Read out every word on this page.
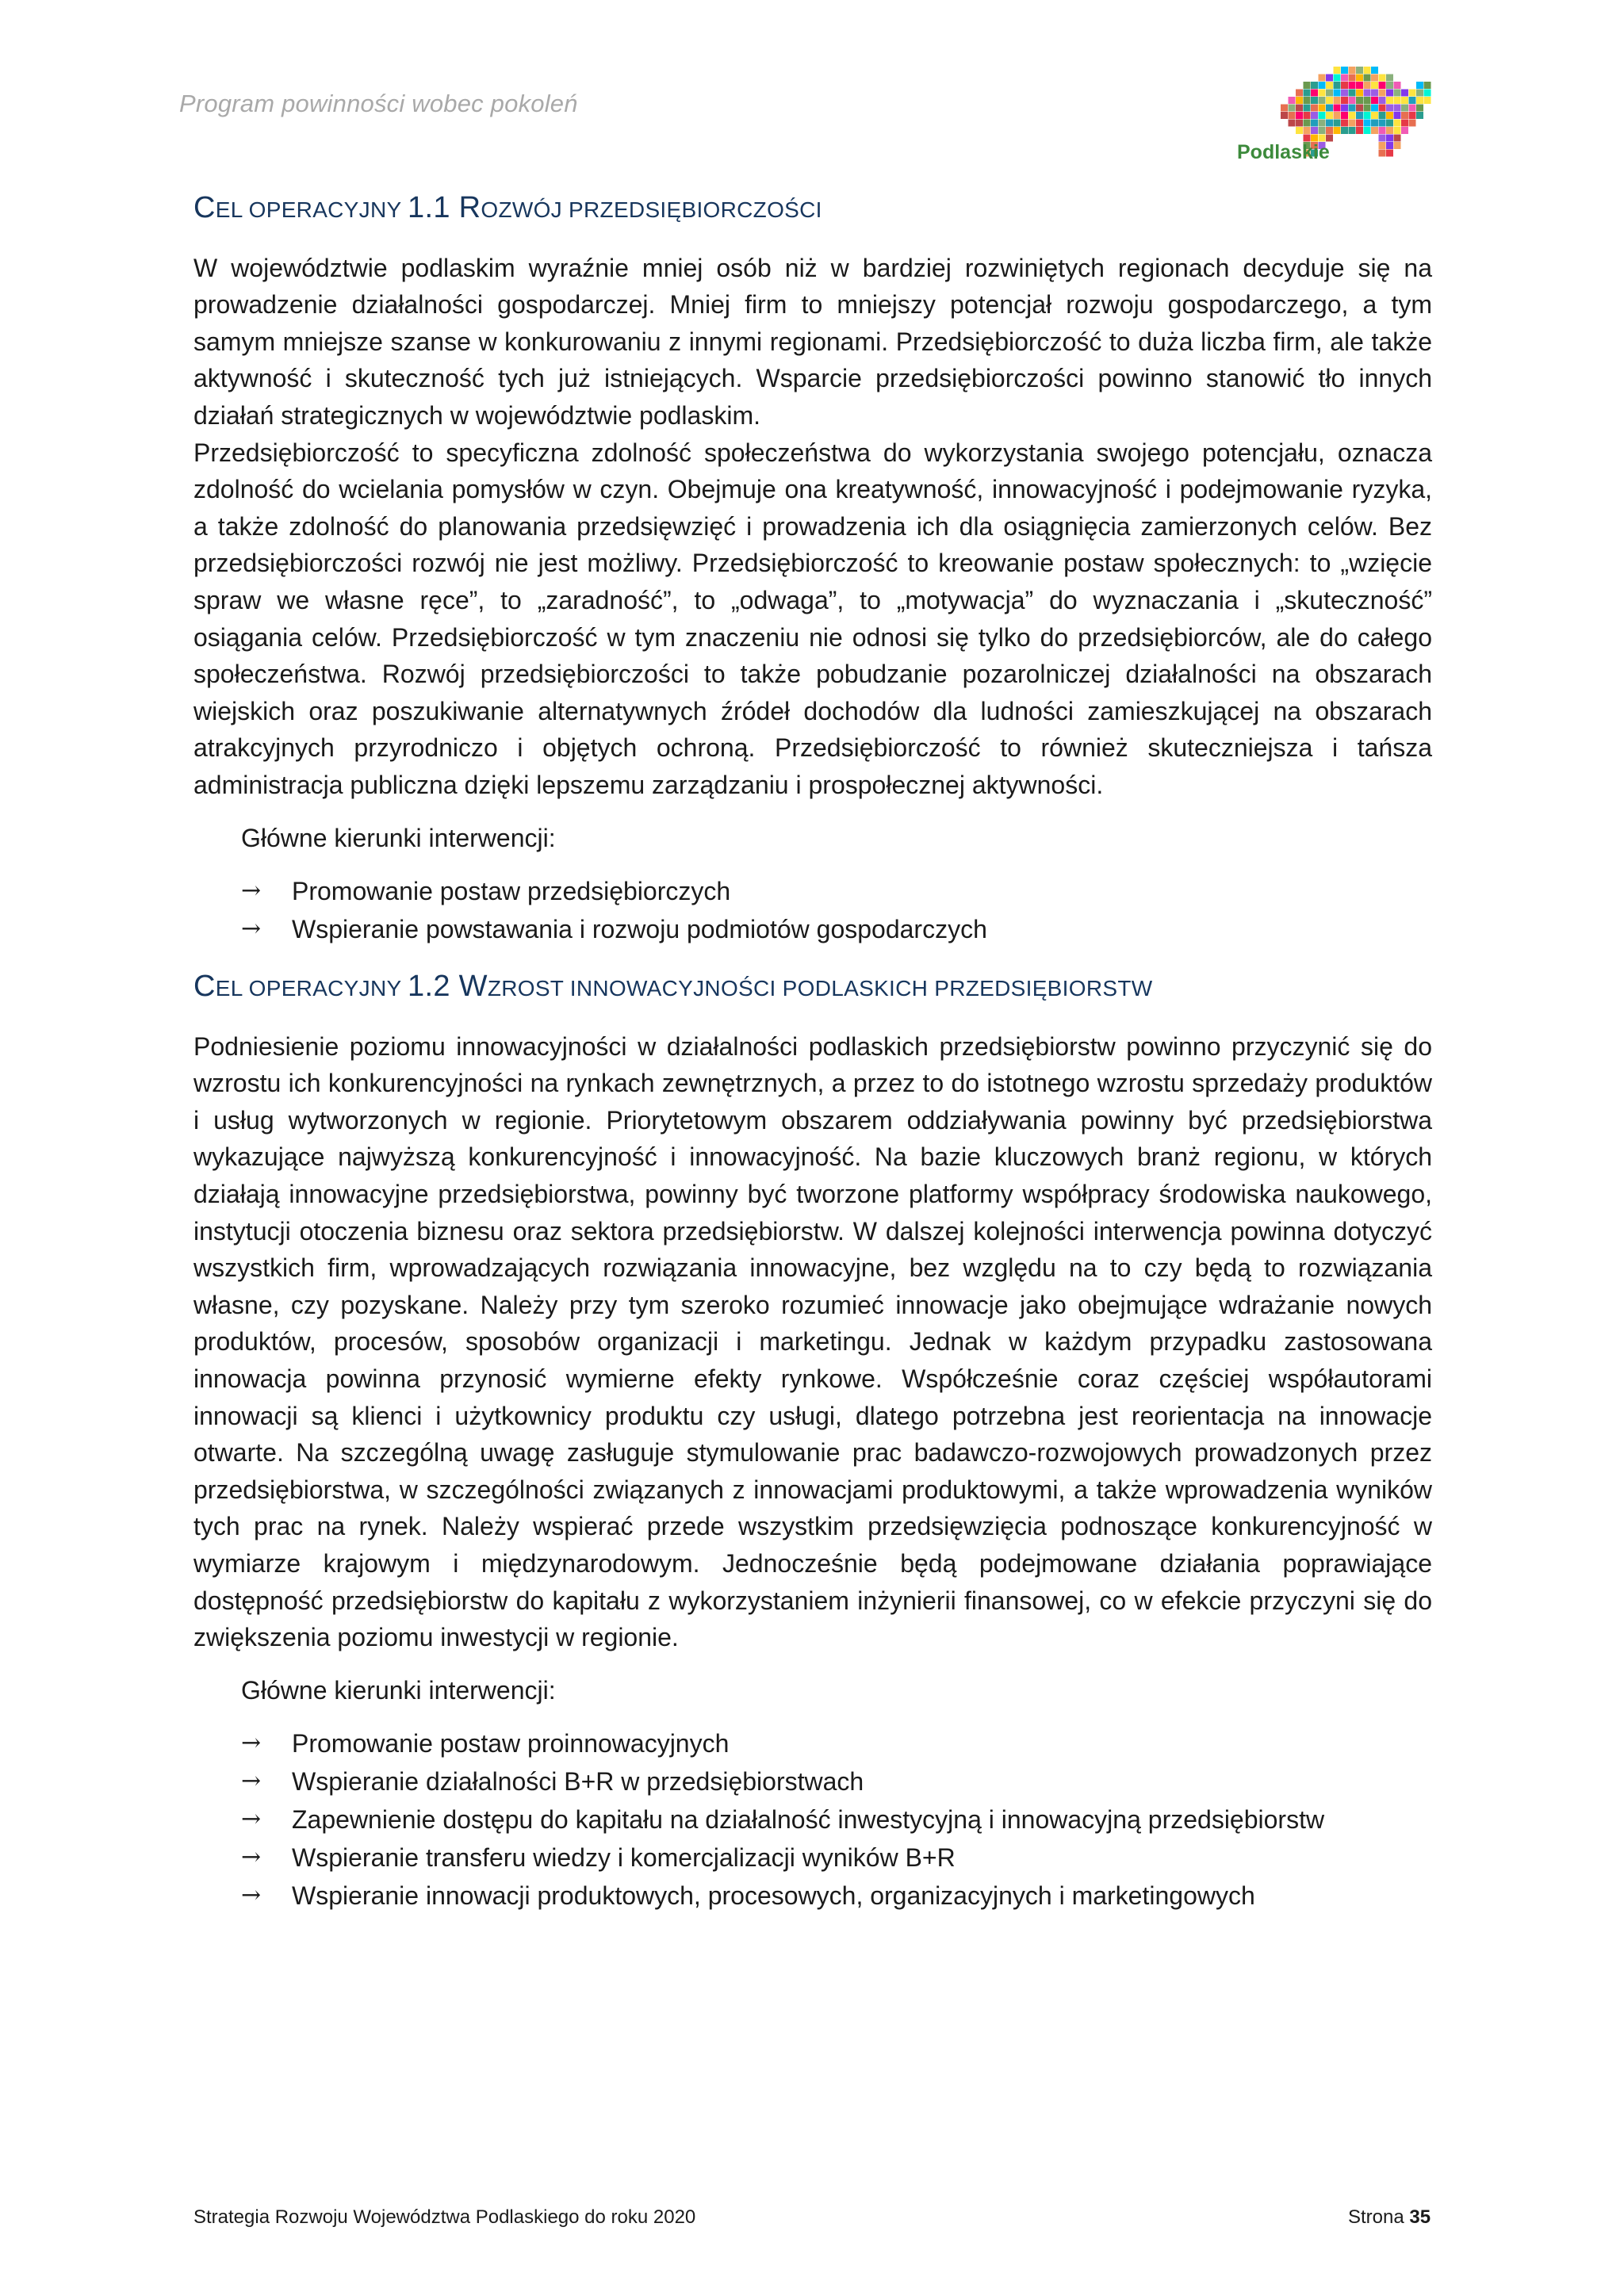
Program powinności wobec pokoleń
Podlaskie
CEL OPERACYJNY 1.1 ROZWÓJ PRZEDSIĘBIORCZOŚCI

W województwie podlaskim wyraźnie mniej osób niż w bardziej rozwiniętych regionach decyduje się na prowadzenie działalności gospodarczej. Mniej firm to mniejszy potencjał rozwoju gospodarczego, a tym samym mniejsze szanse w konkurowaniu z innymi regionami. Przedsiębiorczość to duża liczba firm, ale także aktywność i skuteczność tych już istniejących. Wsparcie przedsiębiorczości powinno stanowić tło innych działań strategicznych w województwie podlaskim.

Przedsiębiorczość to specyficzna zdolność społeczeństwa do wykorzystania swojego potencjału, oznacza zdolność do wcielania pomysłów w czyn. Obejmuje ona kreatywność, innowacyjność i podejmowanie ryzyka, a także zdolność do planowania przedsięwzięć i prowadzenia ich dla osiągnięcia zamierzonych celów. Bez przedsiębiorczości rozwój nie jest możliwy. Przedsiębiorczość to kreowanie postaw społecznych: to „wzięcie spraw we własne ręce”, to „zaradność”, to „odwaga”, to „motywacja” do wyznaczania i „skuteczność” osiągania celów. Przedsiębiorczość w tym znaczeniu nie odnosi się tylko do przedsiębiorców, ale do całego społeczeństwa. Rozwój przedsiębiorczości to także pobudzanie pozarolniczej działalności na obszarach wiejskich oraz poszukiwanie alternatywnych źródeł dochodów dla ludności zamieszkującej na obszarach atrakcyjnych przyrodniczo i objętych ochroną. Przedsiębiorczość to również skuteczniejsza i tańsza administracja publiczna dzięki lepszemu zarządzaniu i prospołecznej aktywności.

Główne kierunki interwencji:

→ Promowanie postaw przedsiębiorczych
→ Wspieranie powstawania i rozwoju podmiotów gospodarczych
CEL OPERACYJNY 1.2 WZROST INNOWACYJNOŚCI PODLASKICH PRZEDSIĘBIORSTW

Podniesienie poziomu innowacyjności w działalności podlaskich przedsiębiorstw powinno przyczynić się do wzrostu ich konkurencyjności na rynkach zewnętrznych, a przez to do istotnego wzrostu sprzedaży produktów i usług wytworzonych w regionie. Priorytetowym obszarem oddziaływania powinny być przedsiębiorstwa wykazujące najwyższą konkurencyjność i innowacyjność. Na bazie kluczowych branż regionu, w których działają innowacyjne przedsiębiorstwa, powinny być tworzone platformy współpracy środowiska naukowego, instytucji otoczenia biznesu oraz sektora przedsiębiorstw. W dalszej kolejności interwencja powinna dotyczyć wszystkich firm, wprowadzających rozwiązania innowacyjne, bez względu na to czy będą to rozwiązania własne, czy pozyskane. Należy przy tym szeroko rozumieć innowacje jako obejmujące wdrażanie nowych produktów, procesów, sposobów organizacji i marketingu. Jednak w każdym przypadku zastosowana innowacja powinna przynosić wymierne efekty rynkowe. Współcześnie coraz częściej współautorami innowacji są klienci i użytkownicy produktu czy usługi, dlatego potrzebna jest reorientacja na innowacje otwarte. Na szczególną uwagę zasługuje stymulowanie prac badawczo-rozwojowych prowadzonych przez przedsiębiorstwa, w szczególności związanych z innowacjami produktowymi, a także wprowadzenia wyników tych prac na rynek. Należy wspierać przede wszystkim przedsięwzięcia podnoszące konkurencyjność w wymiarze krajowym i międzynarodowym. Jednocześnie będą podejmowane działania poprawiające dostępność przedsiębiorstw do kapitału z wykorzystaniem inżynierii finansowej, co w efekcie przyczyni się do zwiększenia poziomu inwestycji w regionie.

Główne kierunki interwencji:

→ Promowanie postaw proinnowacyjnych
→ Wspieranie działalności B+R w przedsiębiorstwach
→ Zapewnienie dostępu do kapitału na działalność inwestycyjną i innowacyjną przedsiębiorstw
→ Wspieranie transferu wiedzy i komercjalizacji wyników B+R
→ Wspieranie innowacji produktowych, procesowych, organizacyjnych i marketingowych
Strategia Rozwoju Województwa Podlaskiego do roku 2020	Strona 35
